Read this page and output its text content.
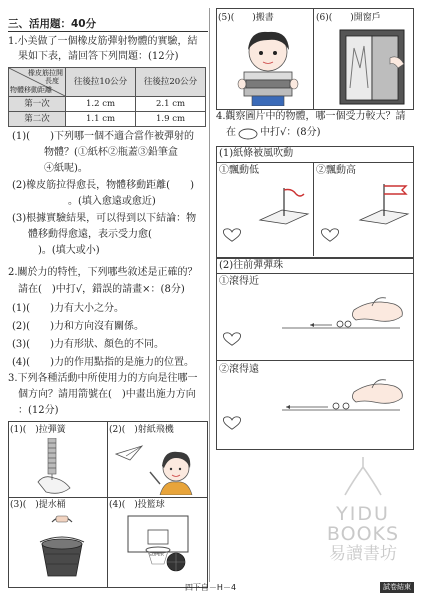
三、活用題：40分

1.小美做了一個橡皮筋彈射物體的實驗，結

果如下表，請回答下列問題：(12分)

橡皮筋拉開
長度
物體移動距離	往後拉10公分	往後拉20公分
第一次	1.2 cm	2.1 cm
第二次	1.1 cm	1.9 cm

(1)(　　)下列哪一個不適合當作被彈射的

物體？(①紙杯②瓶蓋③鉛筆盒

④紙呢)。

(2)橡皮筋拉得愈長，物體移動距離(　　)

。(填入愈遠或愈近)

(3)根據實驗結果，可以得到以下結論：物

體移動得愈遠，表示受力愈(　　　

　)。(填大或小)

2.關於力的特性，下列哪些敘述是正確的？

請在(　)中打√，錯誤的請畫×：(8分)

(1)(　　)力有大小之分。

(2)(　　)力和方向沒有關係。

(3)(　　)力有形狀、顏色的不同。

(4)(　　)力的作用點指的是施力的位置。

3.下列各種活動中所使用力的方向是往哪一

個方向？請用箭號在(　)中畫出施力方向

：(12分)

(1)(　)拉彈簧	(2)(　)射紙飛機

(3)(　)提水桶	(4)(　)投籃球

SUPER

(5)(　　)搬書	(6)(　　)開窗戶

4.觀察圖片中的物體，哪一個受力較大？請

在 中打√：(8分)

(1)紙條被風吹動

①飄動低	②飄動高

(2)往前彈彈珠

①滾得近

②滾得遠

YIDU
BOOKS
易讀書坊
四下自－H－4	試卷結束
